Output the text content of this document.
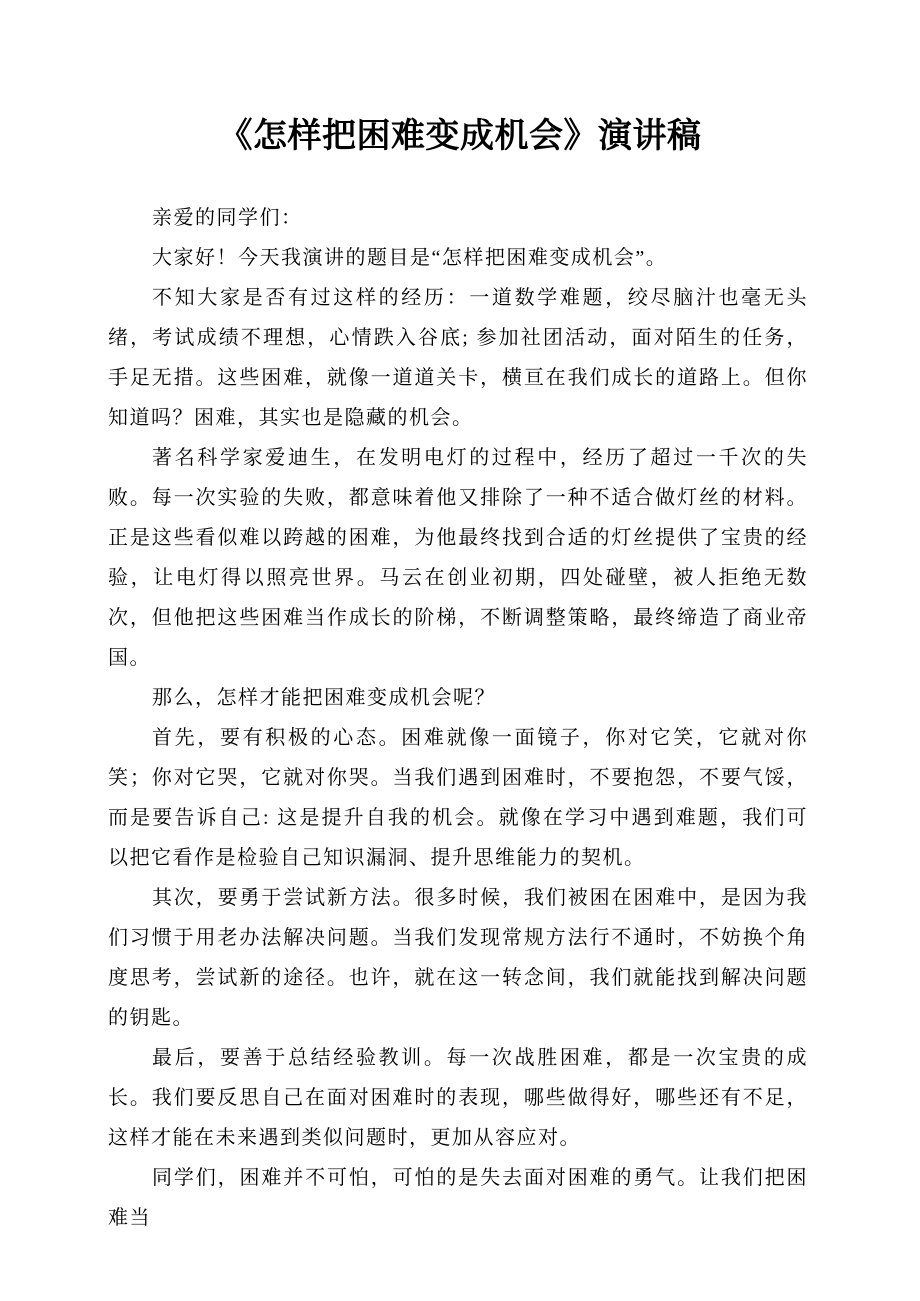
《怎样把困难变成机会》演讲稿

亲爱的同学们：

大家好！今天我演讲的题目是“怎样把困难变成机会”。

不知大家是否有过这样的经历：一道数学难题，绞尽脑汁也毫无头绪，考试成绩不理想，心情跌入谷底; 参加社团活动，面对陌生的任务，手足无措。这些困难，就像一道道关卡，横亘在我们成长的道路上。但你知道吗？困难，其实也是隐藏的机会。

著名科学家爱迪生，在发明电灯的过程中，经历了超过一千次的失败。每一次实验的失败，都意味着他又排除了一种不适合做灯丝的材料。正是这些看似难以跨越的困难，为他最终找到合适的灯丝提供了宝贵的经验，让电灯得以照亮世界。马云在创业初期，四处碰壁，被人拒绝无数次，但他把这些困难当作成长的阶梯，不断调整策略，最终缔造了商业帝国。

那么，怎样才能把困难变成机会呢？

首先，要有积极的心态。困难就像一面镜子，你对它笑，它就对你笑；你对它哭，它就对你哭。当我们遇到困难时，不要抱怨，不要气馁，而是要告诉自己: 这是提升自我的机会。就像在学习中遇到难题，我们可以把它看作是检验自己知识漏洞、提升思维能力的契机。

其次，要勇于尝试新方法。很多时候，我们被困在困难中，是因为我们习惯于用老办法解决问题。当我们发现常规方法行不通时，不妨换个角度思考，尝试新的途径。也许，就在这一转念间，我们就能找到解决问题的钥匙。

最后，要善于总结经验教训。每一次战胜困难，都是一次宝贵的成长。我们要反思自己在面对困难时的表现，哪些做得好，哪些还有不足，这样才能在未来遇到类似问题时，更加从容应对。

同学们，困难并不可怕，可怕的是失去面对困难的勇气。让我们把困难当
